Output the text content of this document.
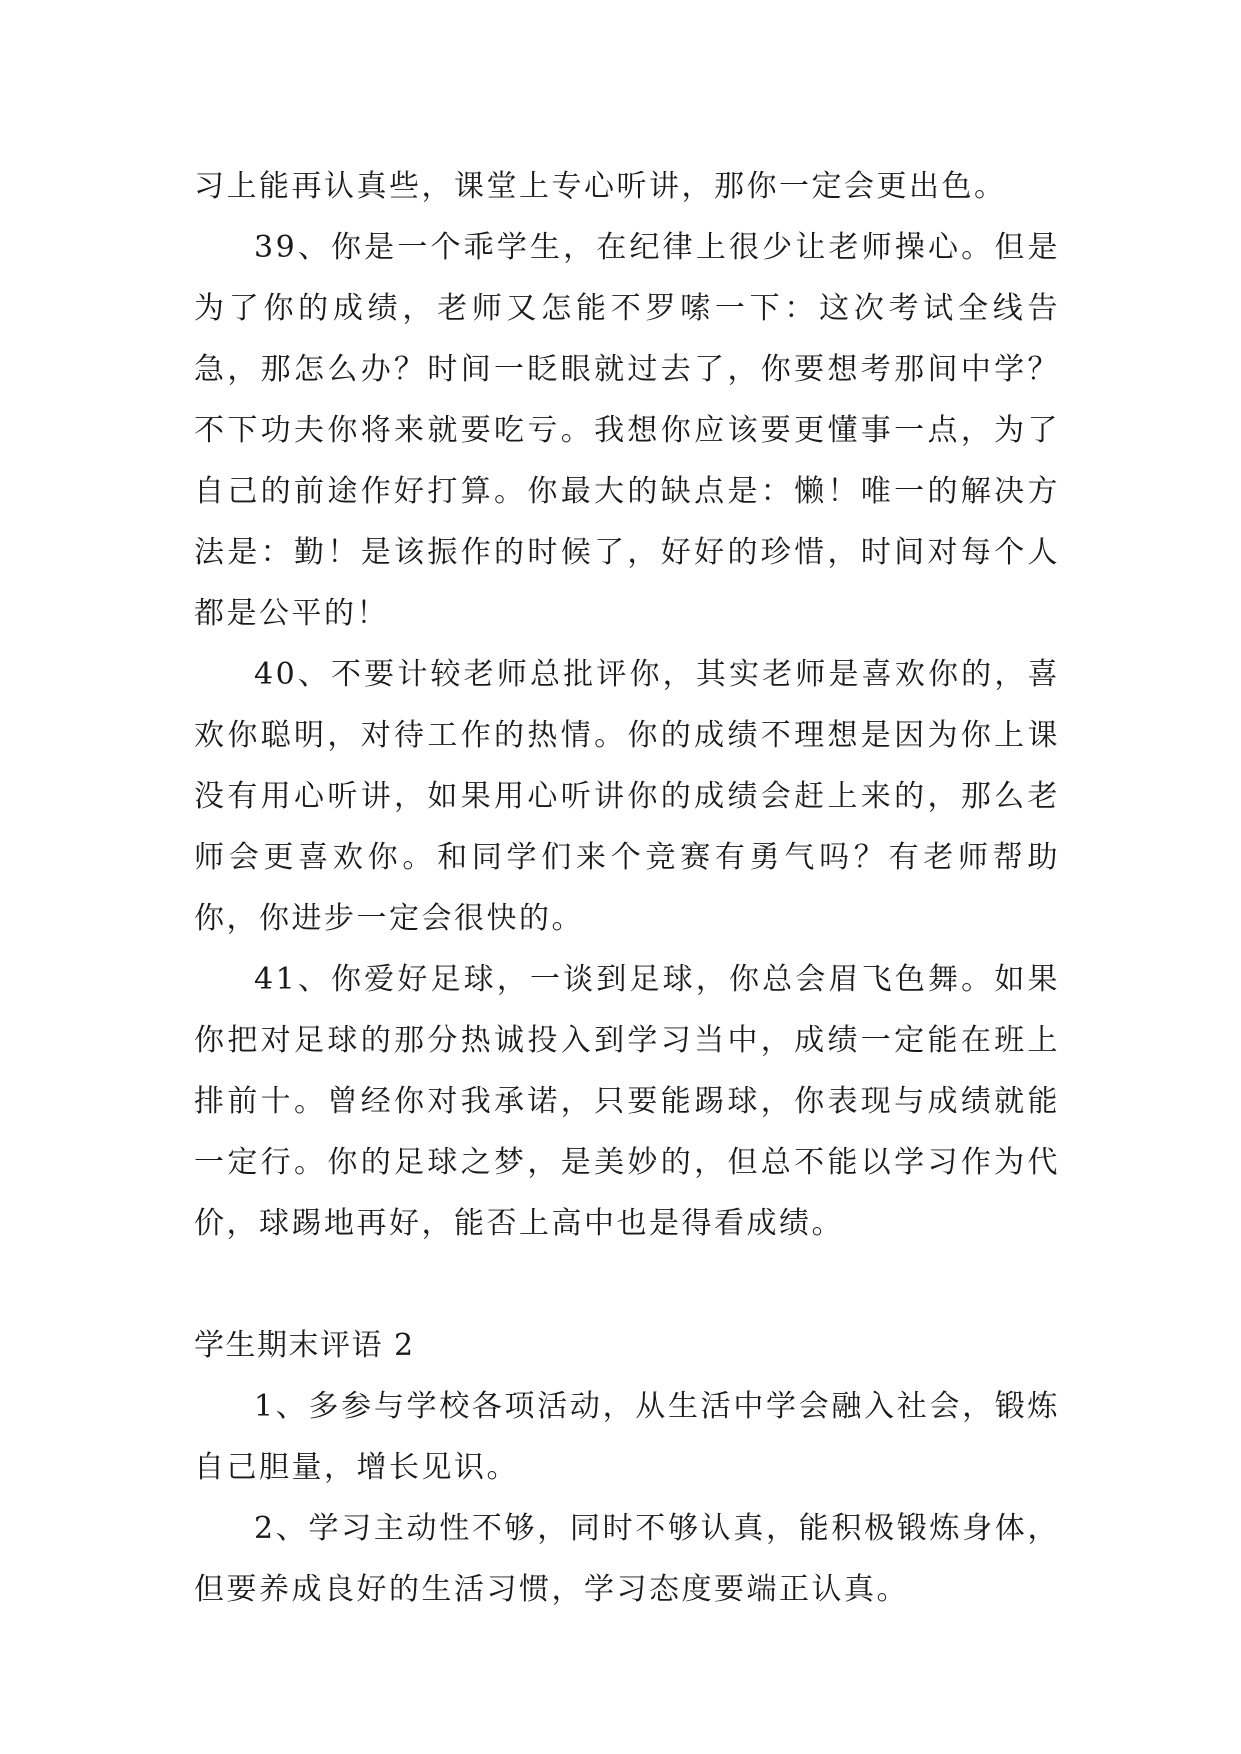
习上能再认真些，课堂上专心听讲，那你一定会更出色。

39、你是一个乖学生，在纪律上很少让老师操心。但是为了你的成绩，老师又怎能不罗嗦一下：这次考试全线告急，那怎么办？时间一眨眼就过去了，你要想考那间中学？不下功夫你将来就要吃亏。我想你应该要更懂事一点，为了自己的前途作好打算。你最大的缺点是：懒！唯一的解决方法是：勤！是该振作的时候了，好好的珍惜，时间对每个人都是公平的！

40、不要计较老师总批评你，其实老师是喜欢你的，喜欢你聪明，对待工作的热情。你的成绩不理想是因为你上课没有用心听讲，如果用心听讲你的成绩会赶上来的，那么老师会更喜欢你。和同学们来个竞赛有勇气吗？有老师帮助你，你进步一定会很快的。

41、你爱好足球，一谈到足球，你总会眉飞色舞。如果你把对足球的那分热诚投入到学习当中，成绩一定能在班上排前十。曾经你对我承诺，只要能踢球，你表现与成绩就能一定行。你的足球之梦，是美妙的，但总不能以学习作为代价，球踢地再好，能否上高中也是得看成绩。

学生期末评语 2

1、多参与学校各项活动，从生活中学会融入社会，锻炼自己胆量，增长见识。

2、学习主动性不够，同时不够认真，能积极锻炼身体，但要养成良好的生活习惯，学习态度要端正认真。
